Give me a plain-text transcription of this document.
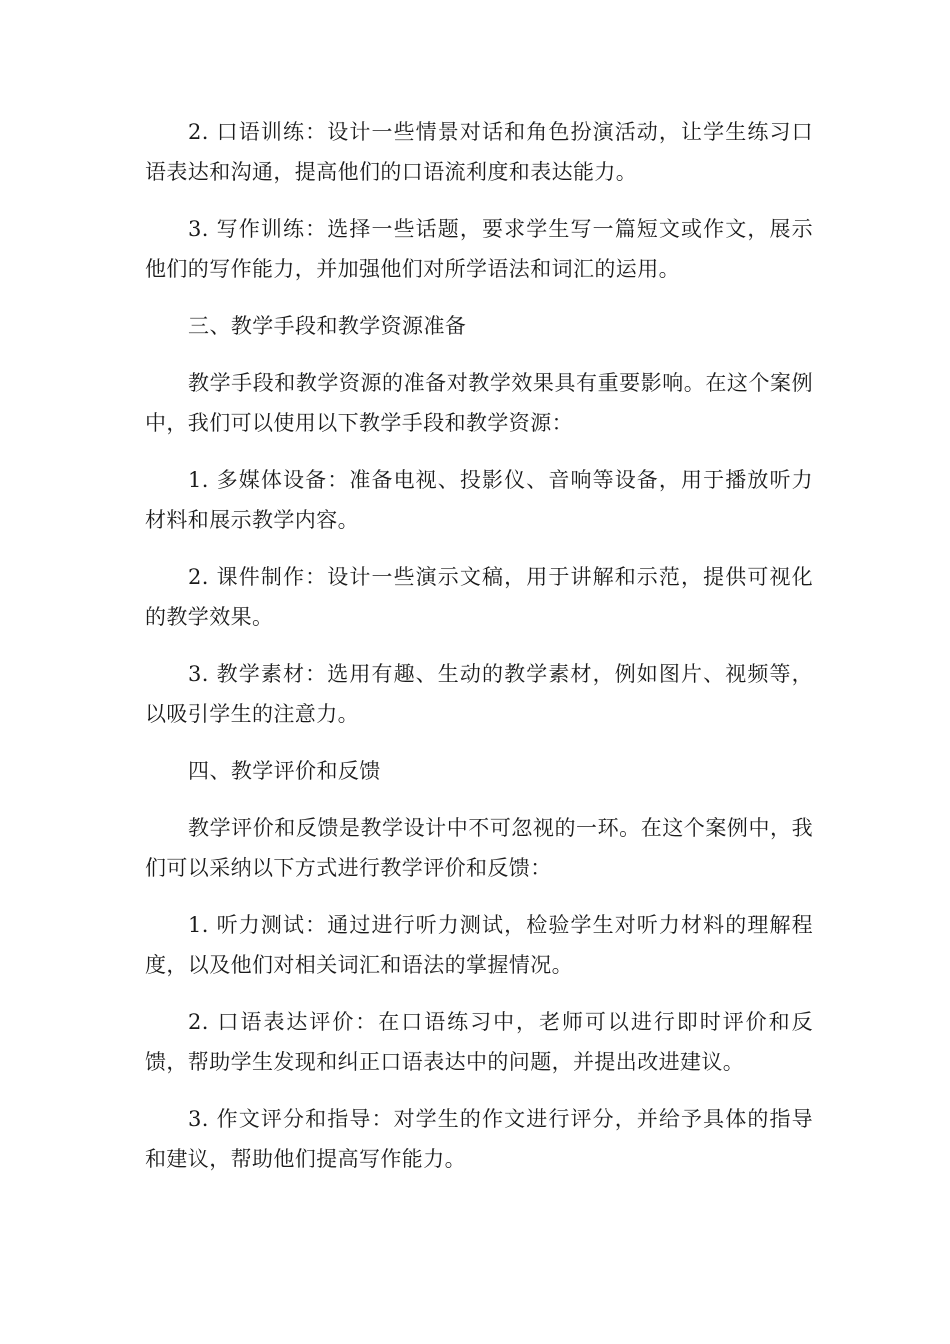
2. 口语训练：设计一些情景对话和角色扮演活动，让学生练习口语表达和沟通，提高他们的口语流利度和表达能力。

3. 写作训练：选择一些话题，要求学生写一篇短文或作文，展示他们的写作能力，并加强他们对所学语法和词汇的运用。

三、教学手段和教学资源准备

教学手段和教学资源的准备对教学效果具有重要影响。在这个案例中，我们可以使用以下教学手段和教学资源：

1. 多媒体设备：准备电视、投影仪、音响等设备，用于播放听力材料和展示教学内容。

2. 课件制作：设计一些演示文稿，用于讲解和示范，提供可视化的教学效果。

3. 教学素材：选用有趣、生动的教学素材，例如图片、视频等，以吸引学生的注意力。

四、教学评价和反馈

教学评价和反馈是教学设计中不可忽视的一环。在这个案例中，我们可以采纳以下方式进行教学评价和反馈：

1. 听力测试：通过进行听力测试，检验学生对听力材料的理解程度，以及他们对相关词汇和语法的掌握情况。

2. 口语表达评价：在口语练习中，老师可以进行即时评价和反馈，帮助学生发现和纠正口语表达中的问题，并提出改进建议。

3. 作文评分和指导：对学生的作文进行评分，并给予具体的指导和建议，帮助他们提高写作能力。
